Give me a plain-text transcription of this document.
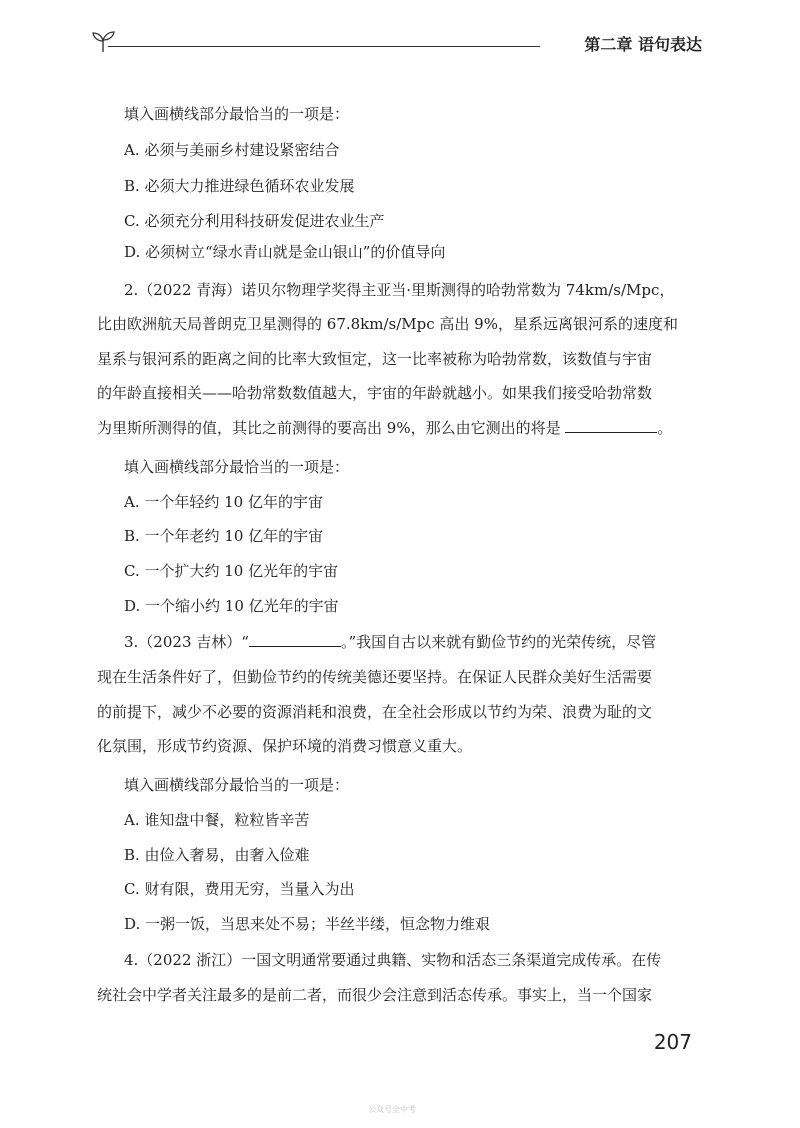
第二章 语句表达
填入画横线部分最恰当的一项是：
A. 必须与美丽乡村建设紧密结合
B. 必须大力推进绿色循环农业发展
C. 必须充分利用科技研发促进农业生产
D. 必须树立“绿水青山就是金山银山”的价值导向
2.（2022 青海）诺贝尔物理学奖得主亚当·里斯测得的哈勃常数为 74km/s/Mpc，
比由欧洲航天局普朗克卫星测得的 67.8km/s/Mpc 高出 9%，星系远离银河系的速度和
星系与银河系的距离之间的比率大致恒定，这一比率被称为哈勃常数，该数值与宇宙
的年龄直接相关——哈勃常数数值越大，宇宙的年龄就越小。如果我们接受哈勃常数
为里斯所测得的值，其比之前测得的要高出 9%，那么由它测出的将是	。
填入画横线部分最恰当的一项是：
A. 一个年轻约 10 亿年的宇宙
B. 一个年老约 10 亿年的宇宙
C. 一个扩大约 10 亿光年的宇宙
D. 一个缩小约 10 亿光年的宇宙
3.（2023 吉林）“	。”我国自古以来就有勤俭节约的光荣传统，尽管
现在生活条件好了，但勤俭节约的传统美德还要坚持。在保证人民群众美好生活需要
的前提下，减少不必要的资源消耗和浪费，在全社会形成以节约为荣、浪费为耻的文
化氛围，形成节约资源、保护环境的消费习惯意义重大。
填入画横线部分最恰当的一项是：
A. 谁知盘中餐，粒粒皆辛苦
B. 由俭入奢易，由奢入俭难
C. 财有限，费用无穷，当量入为出
D. 一粥一饭，当思来处不易；半丝半缕，恒念物力维艰
4.（2022 浙江）一国文明通常要通过典籍、实物和活态三条渠道完成传承。在传
统社会中学者关注最多的是前二者，而很少会注意到活态传承。事实上，当一个国家
207
公众号全中考
